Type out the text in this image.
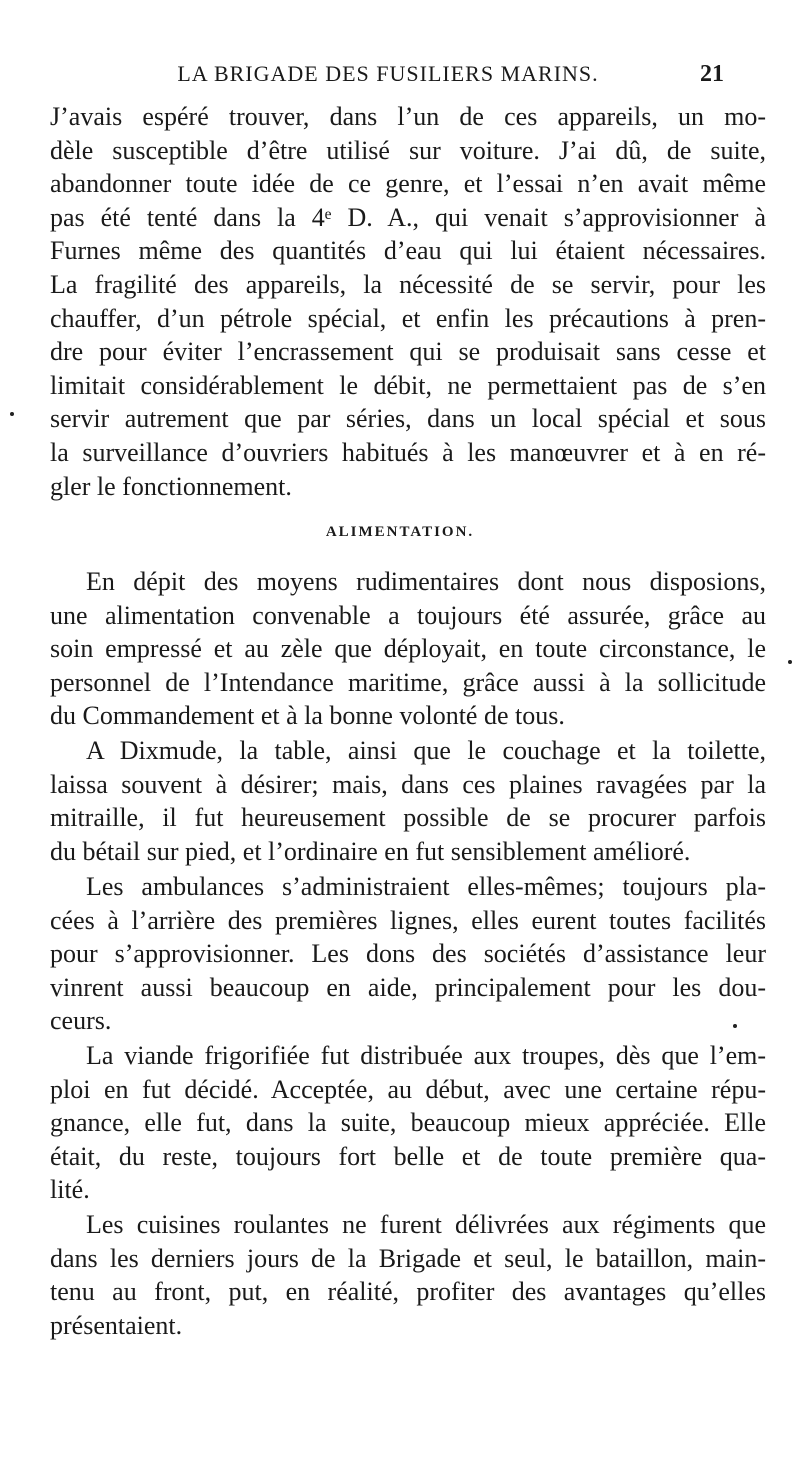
LA BRIGADE DES FUSILIERS MARINS.	21
J’avais espéré trouver, dans l’un de ces appareils, un mo-
dèle susceptible d’être utilisé sur voiture. J’ai dû, de suite,
abandonner toute idée de ce genre, et l’essai n’en avait même
pas été tenté dans la 4ᵉ D. A., qui venait s’approvisionner à
Furnes même des quantités d’eau qui lui étaient nécessaires.
La fragilité des appareils, la nécessité de se servir, pour les
chauffer, d’un pétrole spécial, et enfin les précautions à pren-
dre pour éviter l’encrassement qui se produisait sans cesse et
limitait considérablement le débit, ne permettaient pas de s’en
servir autrement que par séries, dans un local spécial et sous
la surveillance d’ouvriers habitués à les manœuvrer et à en ré-
gler le fonctionnement.
ALIMENTATION.
En dépit des moyens rudimentaires dont nous disposions,
une alimentation convenable a toujours été assurée, grâce au
soin empressé et au zèle que déployait, en toute circonstance, le
personnel de l’Intendance maritime, grâce aussi à la sollicitude
du Commandement et à la bonne volonté de tous.
A Dixmude, la table, ainsi que le couchage et la toilette,
laissa souvent à désirer; mais, dans ces plaines ravagées par la
mitraille, il fut heureusement possible de se procurer parfois
du bétail sur pied, et l’ordinaire en fut sensiblement amélioré.
Les ambulances s’administraient elles-mêmes; toujours pla-
cées à l’arrière des premières lignes, elles eurent toutes facilités
pour s’approvisionner. Les dons des sociétés d’assistance leur
vinrent aussi beaucoup en aide, principalement pour les dou-
ceurs.
La viande frigorifiée fut distribuée aux troupes, dès que l’em-
ploi en fut décidé. Acceptée, au début, avec une certaine répu-
gnance, elle fut, dans la suite, beaucoup mieux appréciée. Elle
était, du reste, toujours fort belle et de toute première qua-
lité.
Les cuisines roulantes ne furent délivrées aux régiments que
dans les derniers jours de la Brigade et seul, le bataillon, main-
tenu au front, put, en réalité, profiter des avantages qu’elles
présentaient.
